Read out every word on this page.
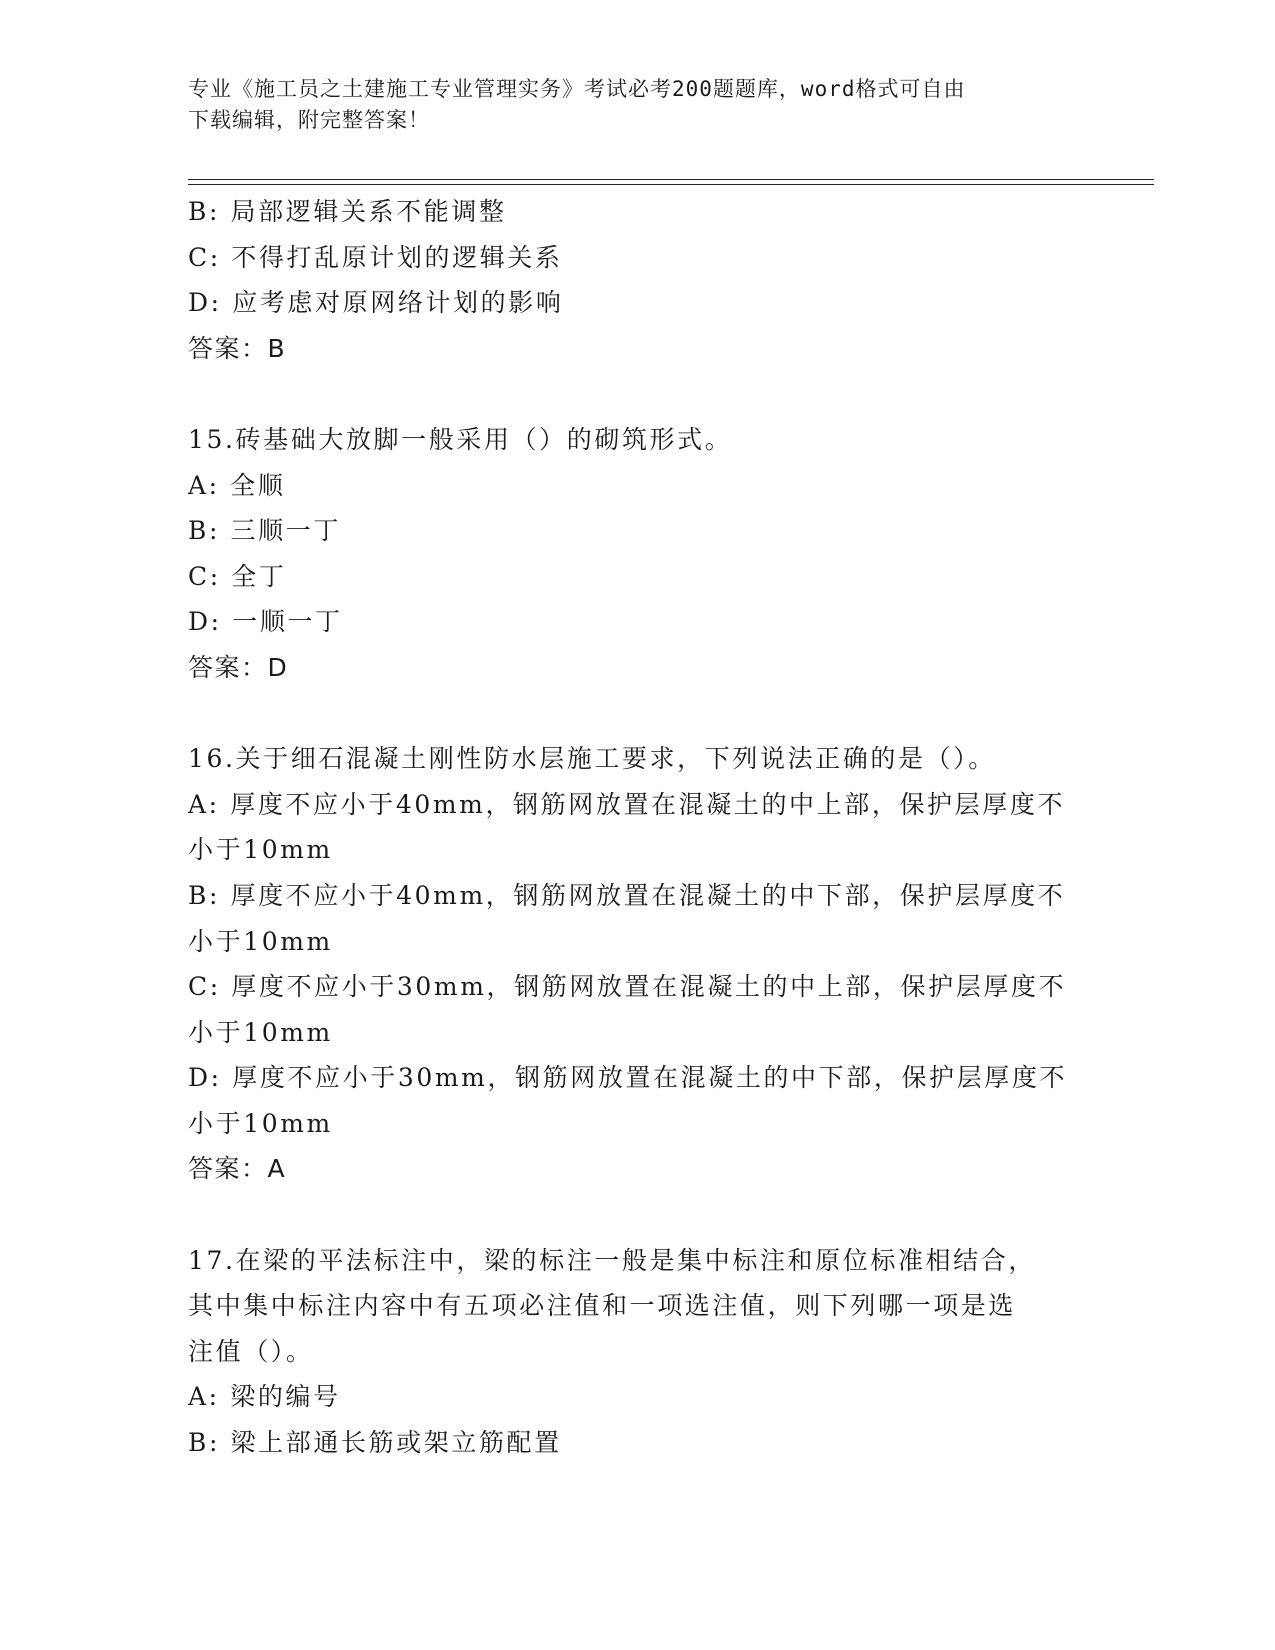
专业《施工员之土建施工专业管理实务》考试必考200题题库，word格式可自由
下载编辑，附完整答案！
B: 局部逻辑关系不能调整
C: 不得打乱原计划的逻辑关系
D: 应考虑对原网络计划的影响
答案：B
15.砖基础大放脚一般采用（）的砌筑形式。
A: 全顺
B: 三顺一丁
C: 全丁
D: 一顺一丁
答案：D
16.关于细石混凝土刚性防水层施工要求，下列说法正确的是（）。
A: 厚度不应小于40mm，钢筋网放置在混凝土的中上部，保护层厚度不
小于10mm
B: 厚度不应小于40mm，钢筋网放置在混凝土的中下部，保护层厚度不
小于10mm
C: 厚度不应小于30mm，钢筋网放置在混凝土的中上部，保护层厚度不
小于10mm
D: 厚度不应小于30mm，钢筋网放置在混凝土的中下部，保护层厚度不
小于10mm
答案：A
17.在梁的平法标注中，梁的标注一般是集中标注和原位标准相结合，
其中集中标注内容中有五项必注值和一项选注值，则下列哪一项是选
注值（）。
A: 梁的编号
B: 梁上部通长筋或架立筋配置
